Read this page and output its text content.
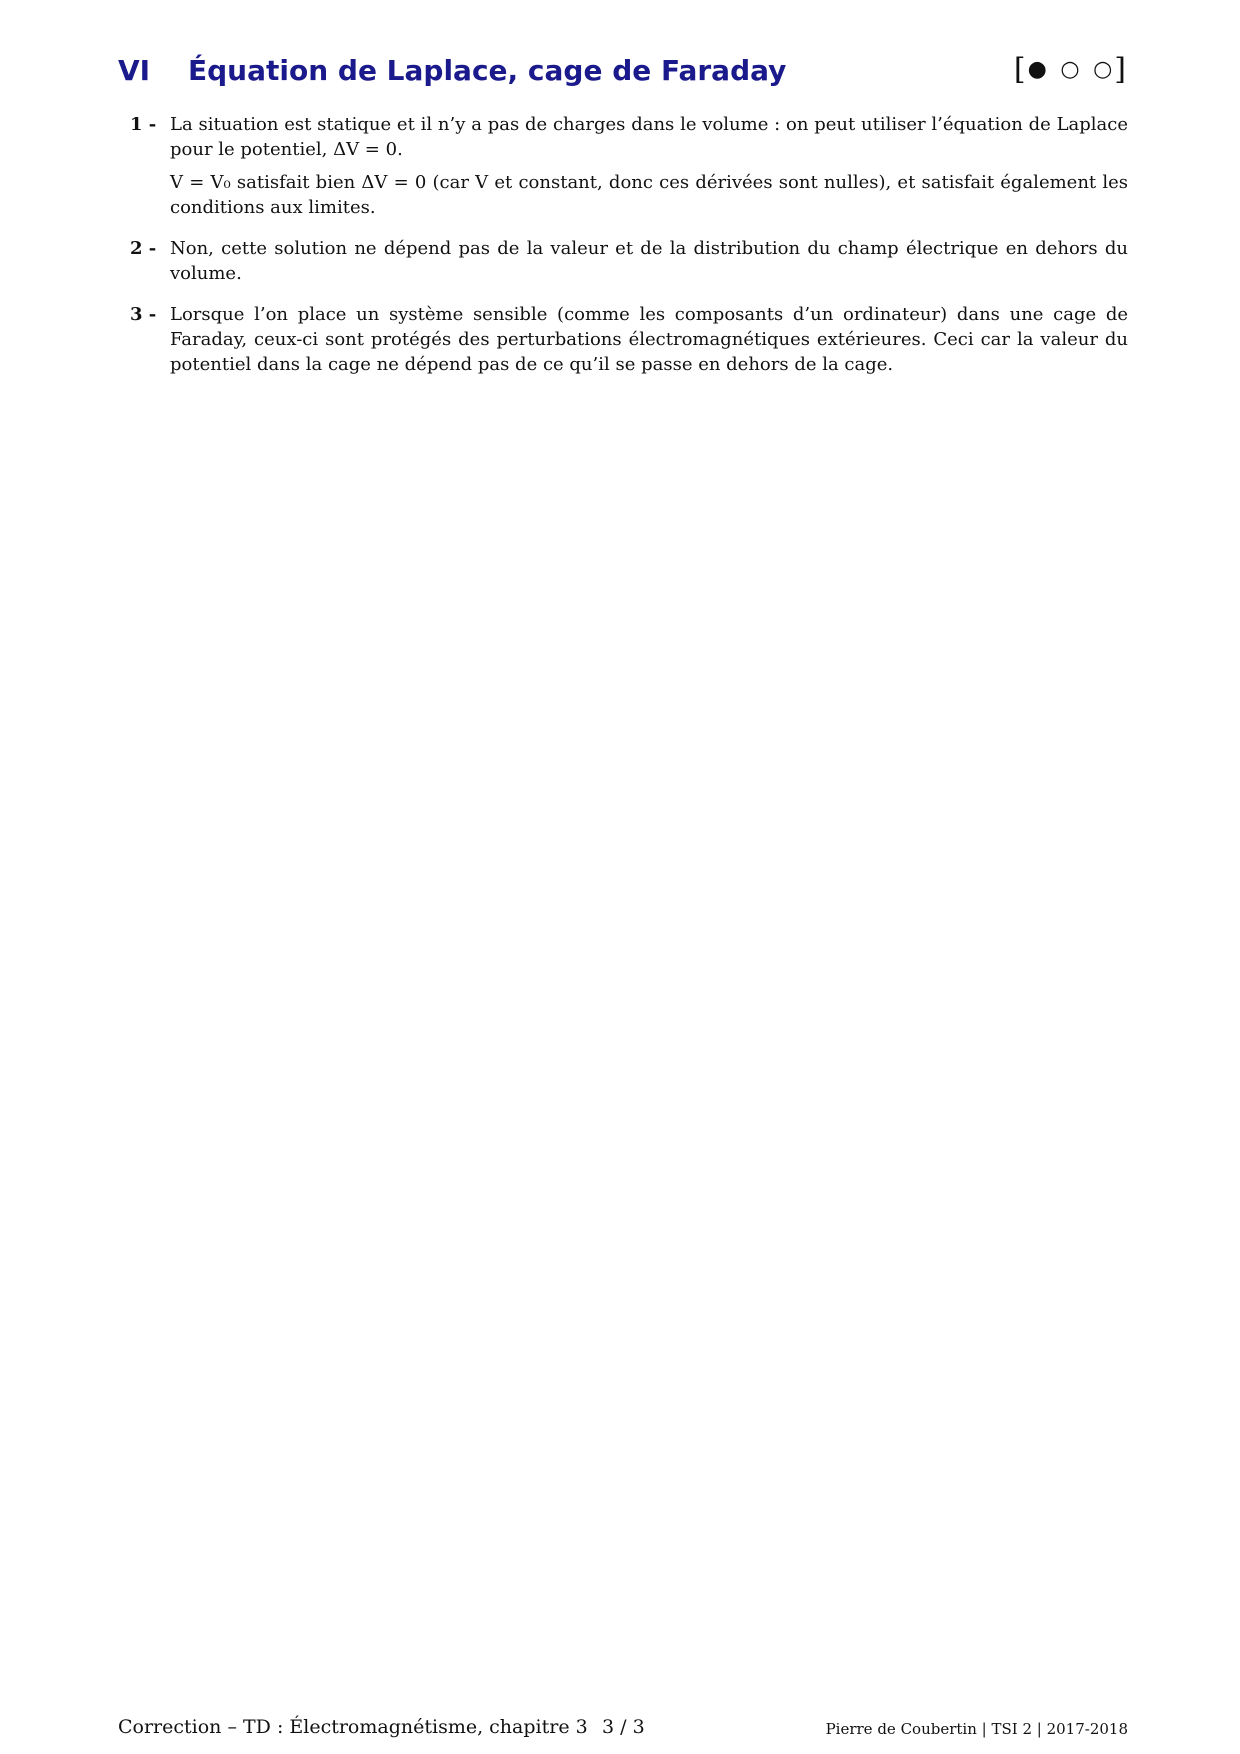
VI Équation de Laplace, cage de Faraday	[● ○ ○]
1 - La situation est statique et il n’y a pas de charges dans le volume : on peut utiliser l’équation de Laplace pour le potentiel, ΔV = 0.

V = V₀ satisfait bien ΔV = 0 (car V et constant, donc ces dérivées sont nulles), et satisfait également les conditions aux limites.

2 - Non, cette solution ne dépend pas de la valeur et de la distribution du champ électrique en dehors du volume.

3 - Lorsque l’on place un système sensible (comme les composants d’un ordinateur) dans une cage de Faraday, ceux-ci sont protégés des perturbations électromagnétiques extérieures. Ceci car la valeur du potentiel dans la cage ne dépend pas de ce qu’il se passe en dehors de la cage.

Correction – TD : Électromagnétisme, chapitre 3 3 / 3	Pierre de Coubertin | TSI 2 | 2017-2018
